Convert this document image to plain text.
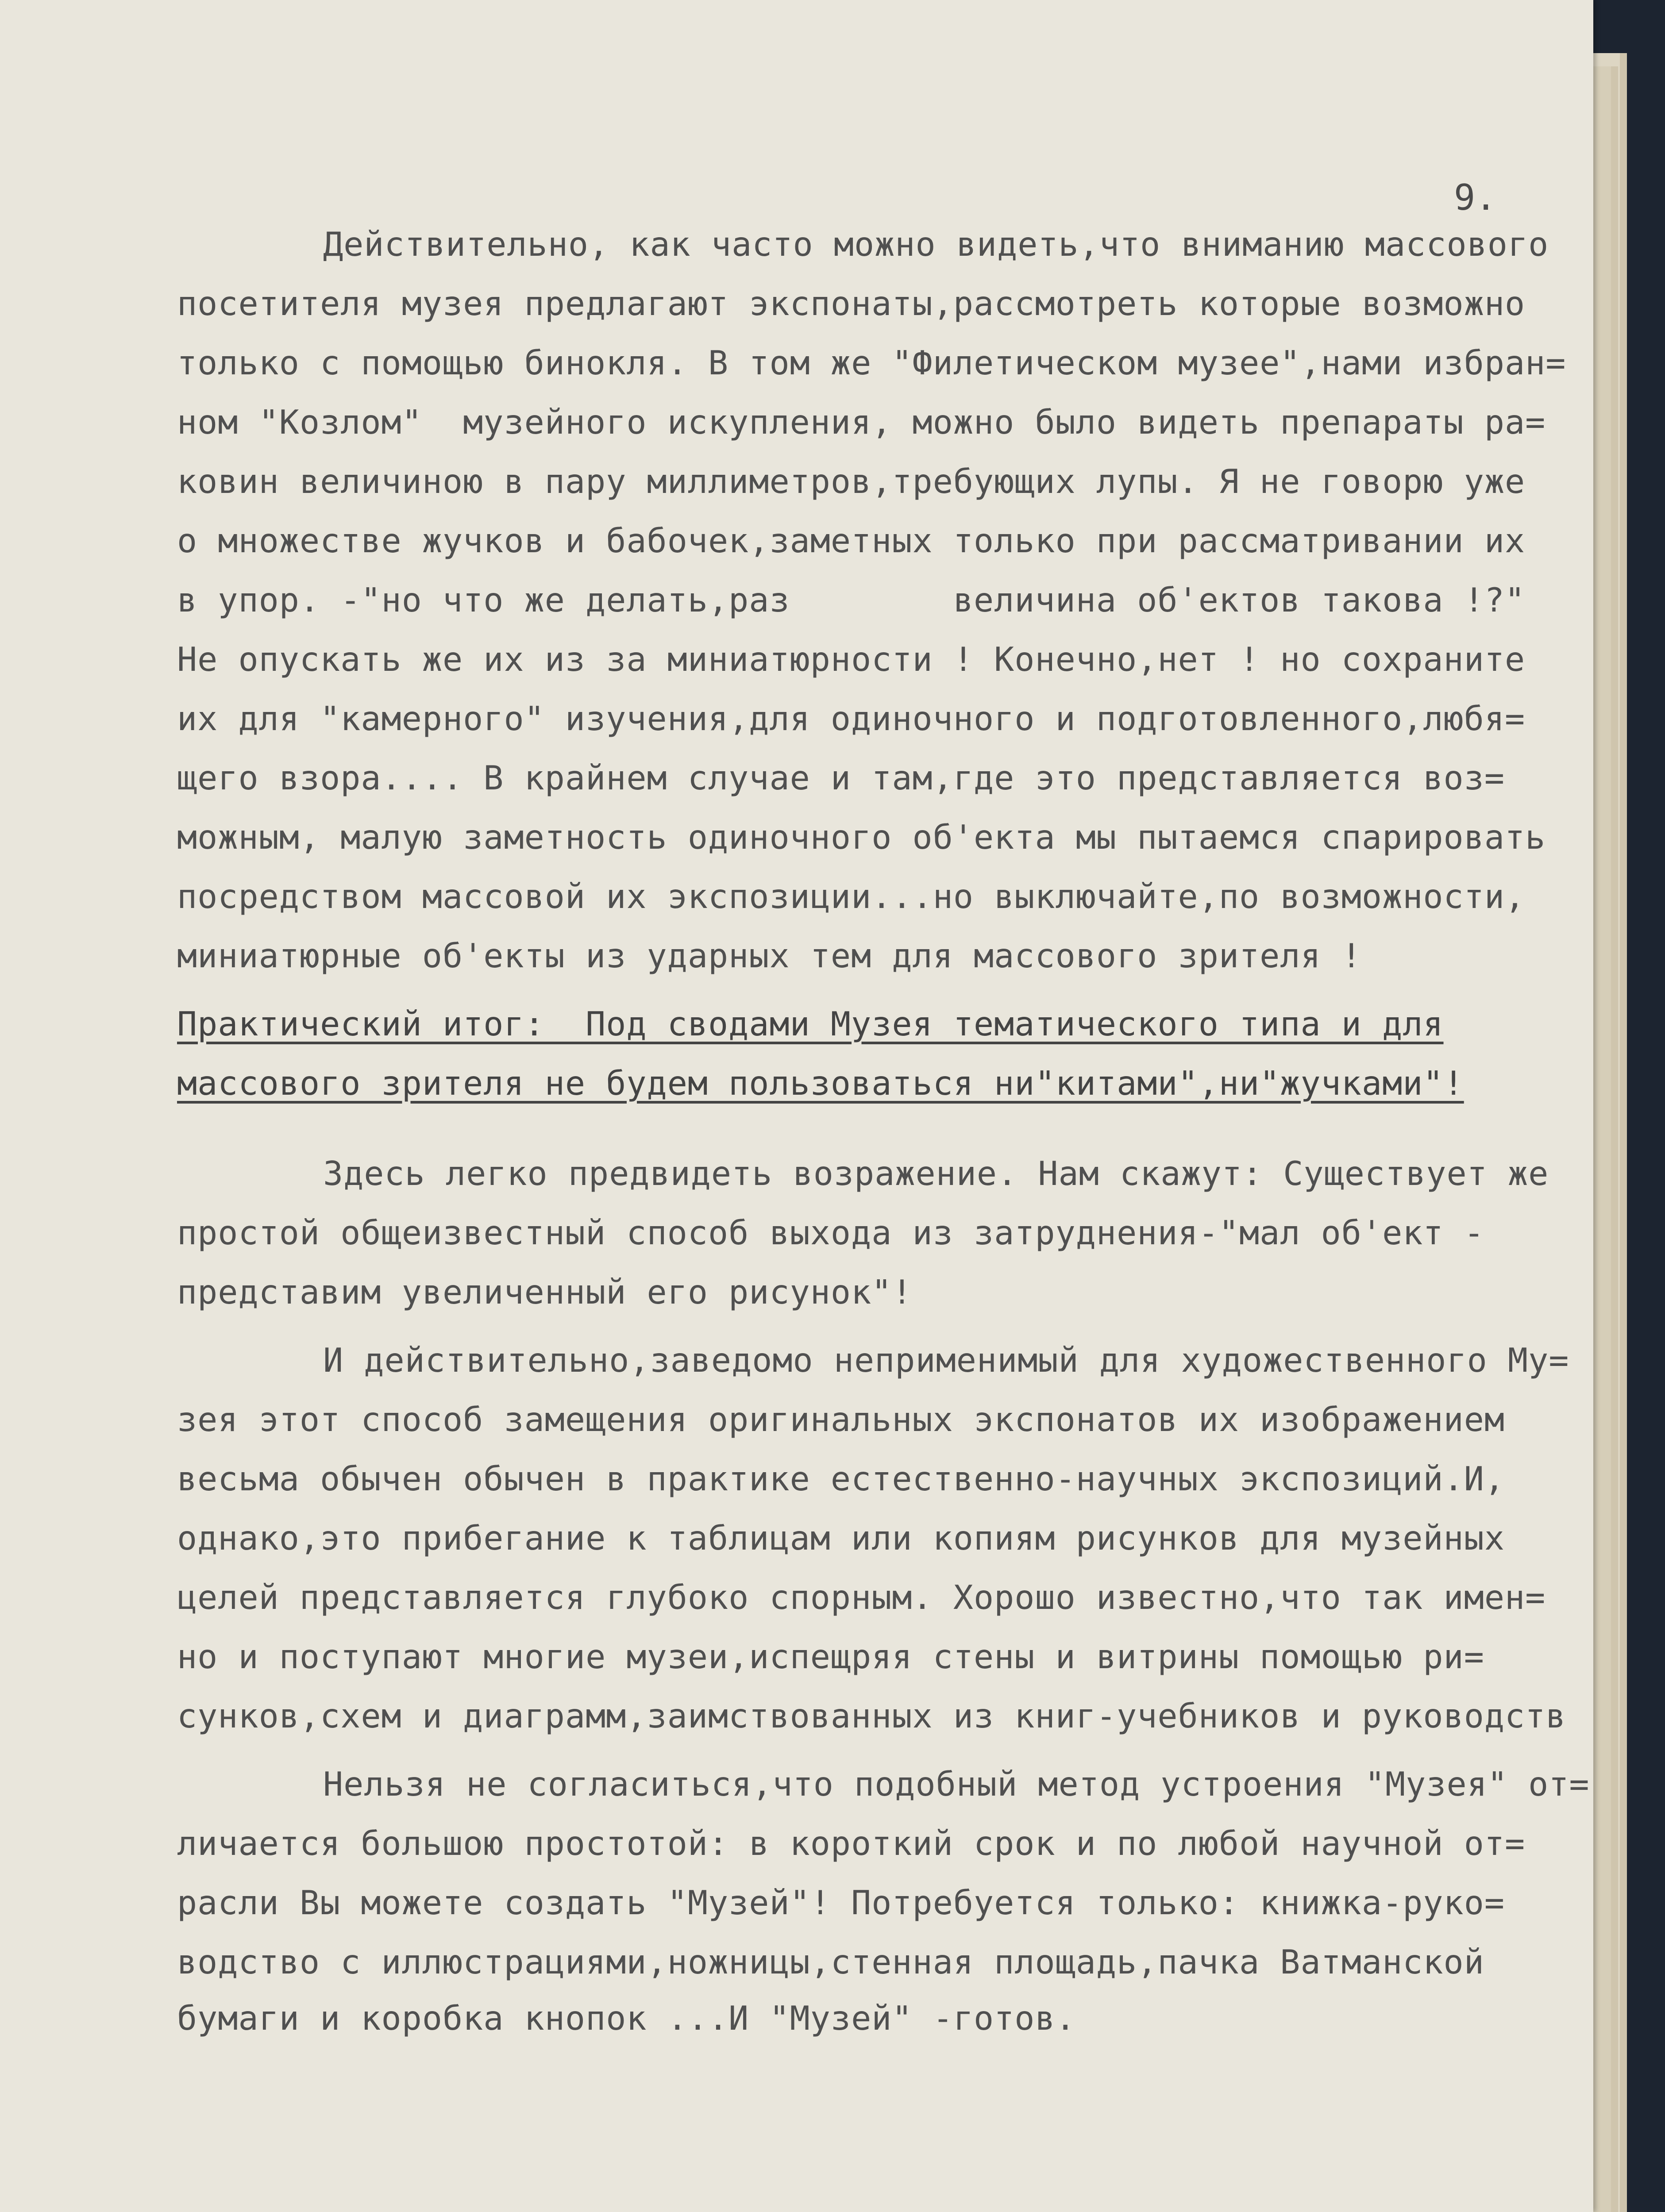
9.
Действительно, как часто можно видеть,что вниманию массового
посетителя музея предлагают экспонаты,рассмотреть которые возможно
только с помощью бинокля. В том же "Филетическом музее",нами избран=
ном "Козлом"  музейного искупления, можно было видеть препараты ра=
ковин величиною в пару миллиметров,требующих лупы. Я не говорю уже
о множестве жучков и бабочек,заметных только при рассматривании их
в упор. -"но что же делать,раз        величина об'ектов такова !?"
Не опускать же их из за миниатюрности ! Конечно,нет ! но сохраните
их для "камерного" изучения,для одиночного и подготовленного,любя=
щего взора.... В крайнем случае и там,где это представляется воз=
можным, малую заметность одиночного об'екта мы пытаемся спарировать
посредством массовой их экспозиции...но выключайте,по возможности,
миниатюрные об'екты из ударных тем для массового зрителя !
Практический итог:  Под сводами Музея тематического типа и для
массового зрителя не будем пользоваться ни"китами",ни"жучками"!
Здесь легко предвидеть возражение. Нам скажут: Существует же
простой общеизвестный способ выхода из затруднения-"мал об'ект -
представим увеличенный его рисунок"!
И действительно,заведомо неприменимый для художественного Му=
зея этот способ замещения оригинальных экспонатов их изображением
весьма обычен обычен в практике естественно-научных экспозиций.И,
однако,это прибегание к таблицам или копиям рисунков для музейных
целей представляется глубоко спорным. Хорошо известно,что так имен=
но и поступают многие музеи,испещряя стены и витрины помощью ри=
сунков,схем и диаграмм,заимствованных из книг-учебников и руководств
Нельзя не согласиться,что подобный метод устроения "Музея" от=
личается большою простотой: в короткий срок и по любой научной от=
расли Вы можете создать "Музей"! Потребуется только: книжка-руко=
водство с иллюстрациями,ножницы,стенная площадь,пачка Ватманской
бумаги и коробка кнопок ...И "Музей" -готов.
